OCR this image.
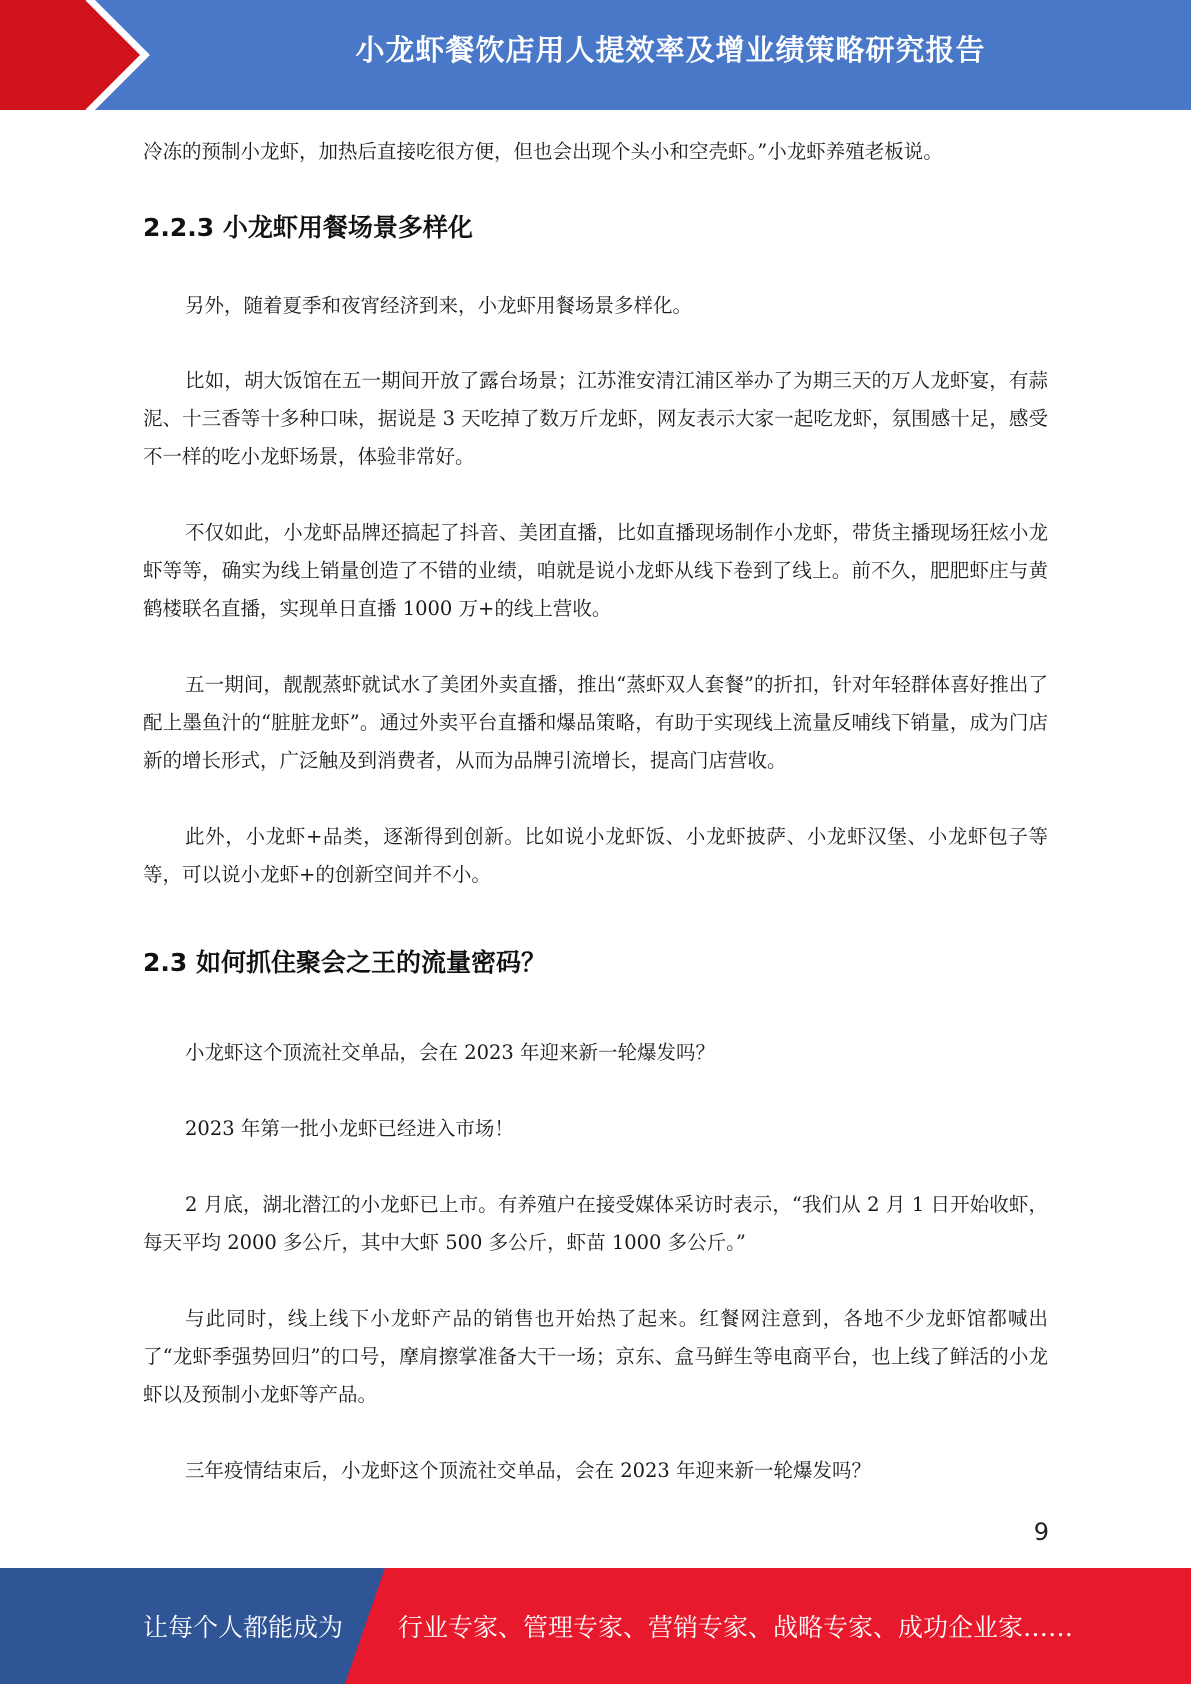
小龙虾餐饮店用人提效率及增业绩策略研究报告

冷冻的预制小龙虾，加热后直接吃很方便，但也会出现个头小和空壳虾。”小龙虾养殖老板说。

2.2.3 小龙虾用餐场景多样化

另外，随着夏季和夜宵经济到来，小龙虾用餐场景多样化。

比如，胡大饭馆在五一期间开放了露台场景；江苏淮安清江浦区举办了为期三天的万人龙虾宴，有蒜泥、十三香等十多种口味，据说是 3 天吃掉了数万斤龙虾，网友表示大家一起吃龙虾，氛围感十足，感受不一样的吃小龙虾场景，体验非常好。

不仅如此，小龙虾品牌还搞起了抖音、美团直播，比如直播现场制作小龙虾，带货主播现场狂炫小龙虾等等，确实为线上销量创造了不错的业绩，咱就是说小龙虾从线下卷到了线上。前不久，肥肥虾庄与黄鹤楼联名直播，实现单日直播 1000 万+的线上营收。

五一期间，靓靓蒸虾就试水了美团外卖直播，推出“蒸虾双人套餐”的折扣，针对年轻群体喜好推出了配上墨鱼汁的“脏脏龙虾”。通过外卖平台直播和爆品策略，有助于实现线上流量反哺线下销量，成为门店新的增长形式，广泛触及到消费者，从而为品牌引流增长，提高门店营收。

此外，小龙虾+品类，逐渐得到创新。比如说小龙虾饭、小龙虾披萨、小龙虾汉堡、小龙虾包子等等，可以说小龙虾+的创新空间并不小。

2.3 如何抓住聚会之王的流量密码？

小龙虾这个顶流社交单品，会在 2023 年迎来新一轮爆发吗？

2023 年第一批小龙虾已经进入市场！

2 月底，湖北潜江的小龙虾已上市。有养殖户在接受媒体采访时表示，“我们从 2 月 1 日开始收虾，每天平均 2000 多公斤，其中大虾 500 多公斤，虾苗 1000 多公斤。”

与此同时，线上线下小龙虾产品的销售也开始热了起来。红餐网注意到，各地不少龙虾馆都喊出了“龙虾季强势回归”的口号，摩肩擦掌准备大干一场；京东、盒马鲜生等电商平台，也上线了鲜活的小龙虾以及预制小龙虾等产品。

三年疫情结束后，小龙虾这个顶流社交单品，会在 2023 年迎来新一轮爆发吗？

9
让每个人都能成为 行业专家、管理专家、营销专家、战略专家、成功企业家……
